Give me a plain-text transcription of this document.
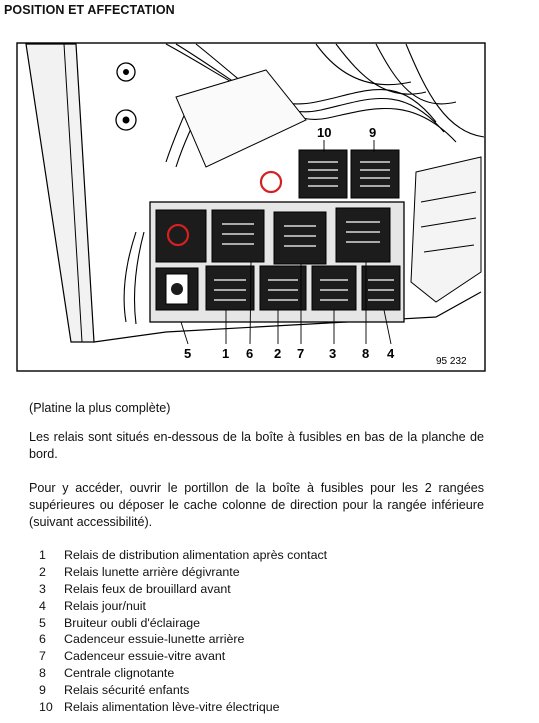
POSITION ET AFFECTATION
10	9
5 1 6 2 7 3 8 4
95 232
(Platine la plus complète)
Les relais sont situés en-dessous de la boîte à fusibles en bas de la planche de bord.
Pour y accéder, ouvrir le portillon de la boîte à fusibles pour les 2 rangées supérieures ou déposer le cache colonne de direction pour la rangée inférieure (suivant accessibilité).
1 Relais de distribution alimentation après contact
2 Relais lunette arrière dégivrante
3 Relais feux de brouillard avant
4 Relais jour/nuit
5 Bruiteur oubli d'éclairage
6 Cadenceur essuie-lunette arrière
7 Cadenceur essuie-vitre avant
8 Centrale clignotante
9 Relais sécurité enfants
10 Relais alimentation lève-vitre électrique
